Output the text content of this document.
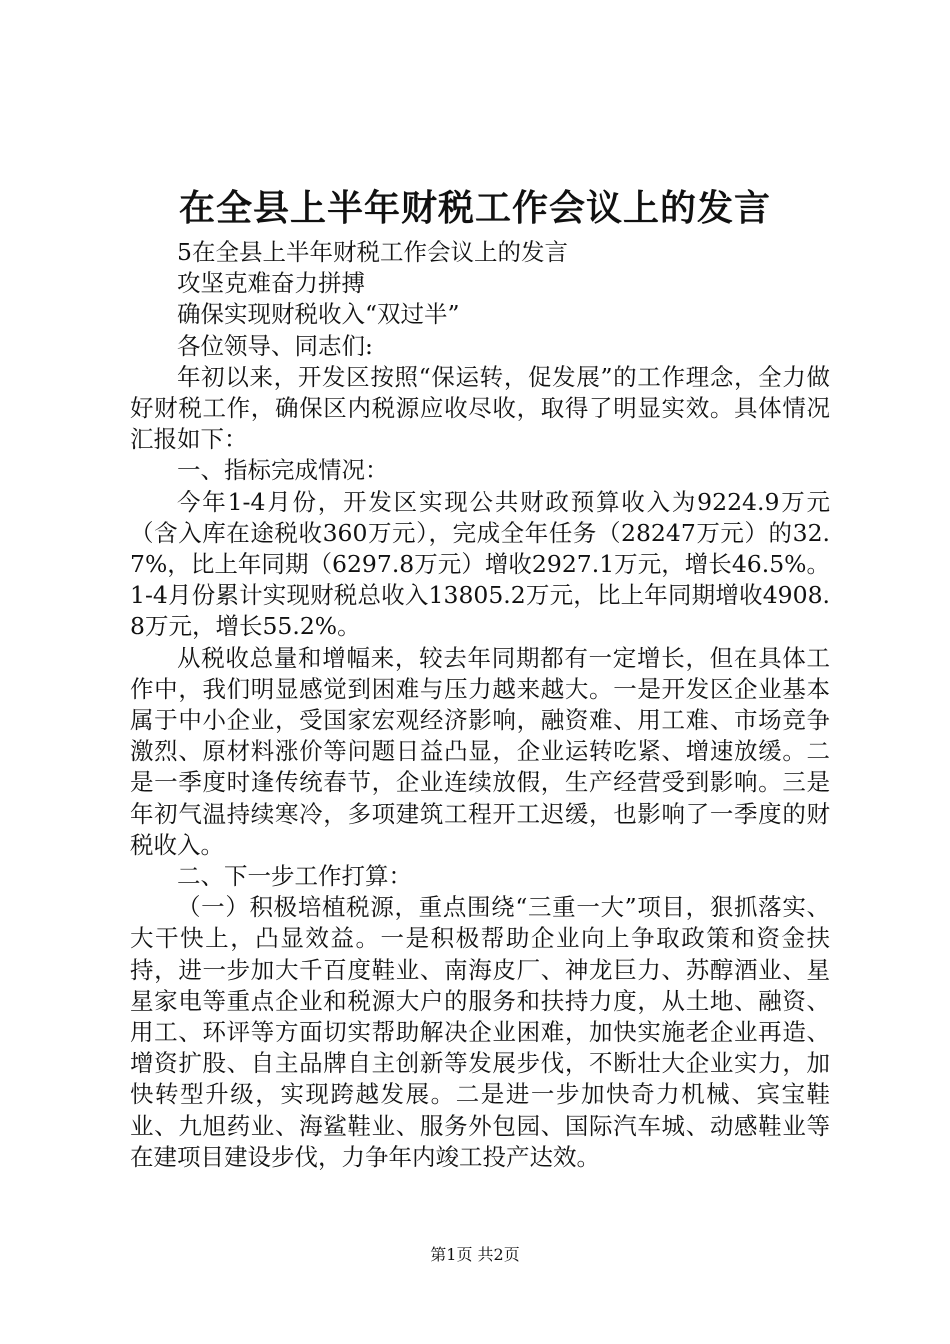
在全县上半年财税工作会议上的发言

5在全县上半年财税工作会议上的发言

攻坚克难奋力拼搏

确保实现财税收入“双过半”

各位领导、同志们:

年初以来，开发区按照“保运转，促发展”的工作理念，全力做好财税工作，确保区内税源应收尽收，取得了明显实效。具体情况汇报如下：

一、指标完成情况：

今年1-4月份，开发区实现公共财政预算收入为9224.9万元（含入库在途税收360万元），完成全年任务（28247万元）的32.7%，比上年同期（6297.8万元）增收2927.1万元，增长46.5%。1-4月份累计实现财税总收入13805.2万元，比上年同期增收4908.8万元，增长55.2%。

从税收总量和增幅来，较去年同期都有一定增长，但在具体工作中，我们明显感觉到困难与压力越来越大。一是开发区企业基本属于中小企业，受国家宏观经济影响，融资难、用工难、市场竞争激烈、原材料涨价等问题日益凸显，企业运转吃紧、增速放缓。二是一季度时逢传统春节，企业连续放假，生产经营受到影响。三是年初气温持续寒冷，多项建筑工程开工迟缓，也影响了一季度的财税收入。

二、下一步工作打算：

（一）积极培植税源，重点围绕“三重一大”项目，狠抓落实、大干快上，凸显效益。一是积极帮助企业向上争取政策和资金扶持，进一步加大千百度鞋业、南海皮厂、神龙巨力、苏醇酒业、星星家电等重点企业和税源大户的服务和扶持力度，从土地、融资、用工、环评等方面切实帮助解决企业困难，加快实施老企业再造、增资扩股、自主品牌自主创新等发展步伐，不断壮大企业实力，加快转型升级，实现跨越发展。二是进一步加快奇力机械、宾宝鞋业、九旭药业、海鲨鞋业、服务外包园、国际汽车城、动感鞋业等在建项目建设步伐，力争年内竣工投产达效。

第1页 共2页
